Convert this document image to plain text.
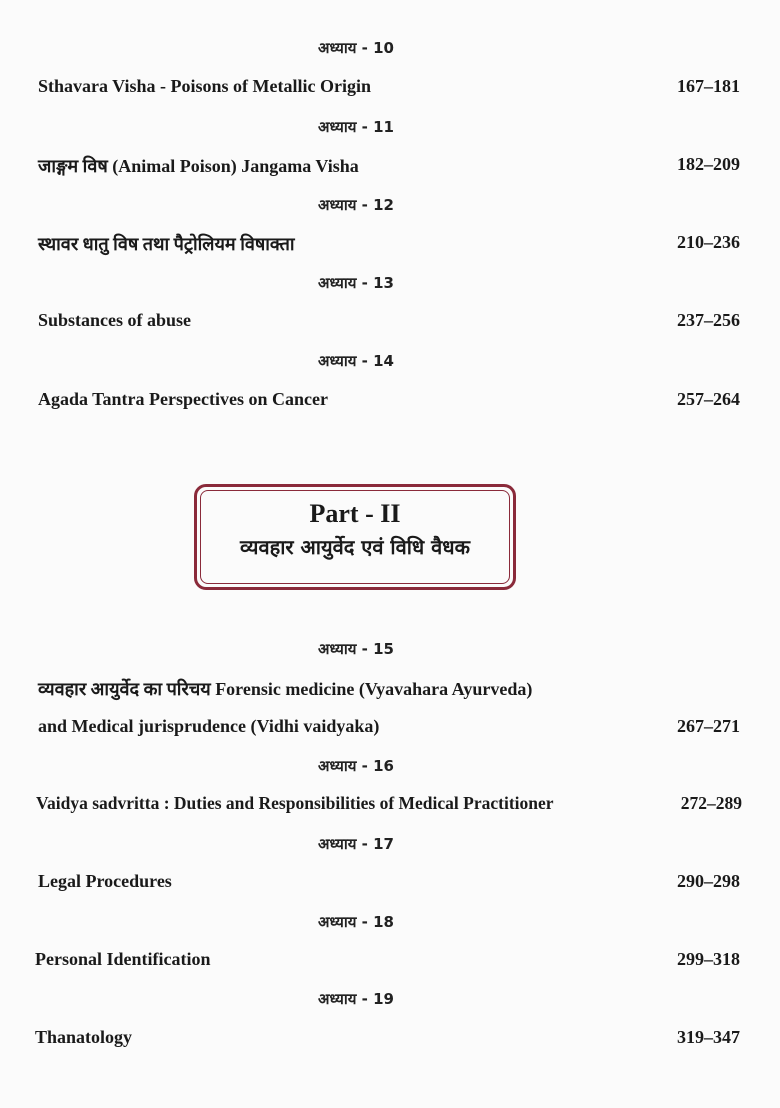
अध्याय - 10
Sthavara Visha - Poisons of Metallic Origin	167–181
अध्याय - 11
जाङ्गम विष (Animal Poison) Jangama Visha	182–209
अध्याय - 12
स्थावर धातु विष तथा पैट्रोलियम विषाक्ता	210–236
अध्याय - 13
Substances of abuse	237–256
अध्याय - 14
Agada Tantra Perspectives on Cancer	257–264
Part - II
व्यवहार आयुर्वेद एवं विधि वैधक
अध्याय - 15
व्यवहार आयुर्वेद का परिचय Forensic medicine (Vyavahara Ayurveda)
and Medical jurisprudence (Vidhi vaidyaka)	267–271
अध्याय - 16
Vaidya sadvritta : Duties and Responsibilities of Medical Practitioner	272–289
अध्याय - 17
Legal Procedures	290–298
अध्याय - 18
Personal Identification	299–318
अध्याय - 19
Thanatology	319–347
